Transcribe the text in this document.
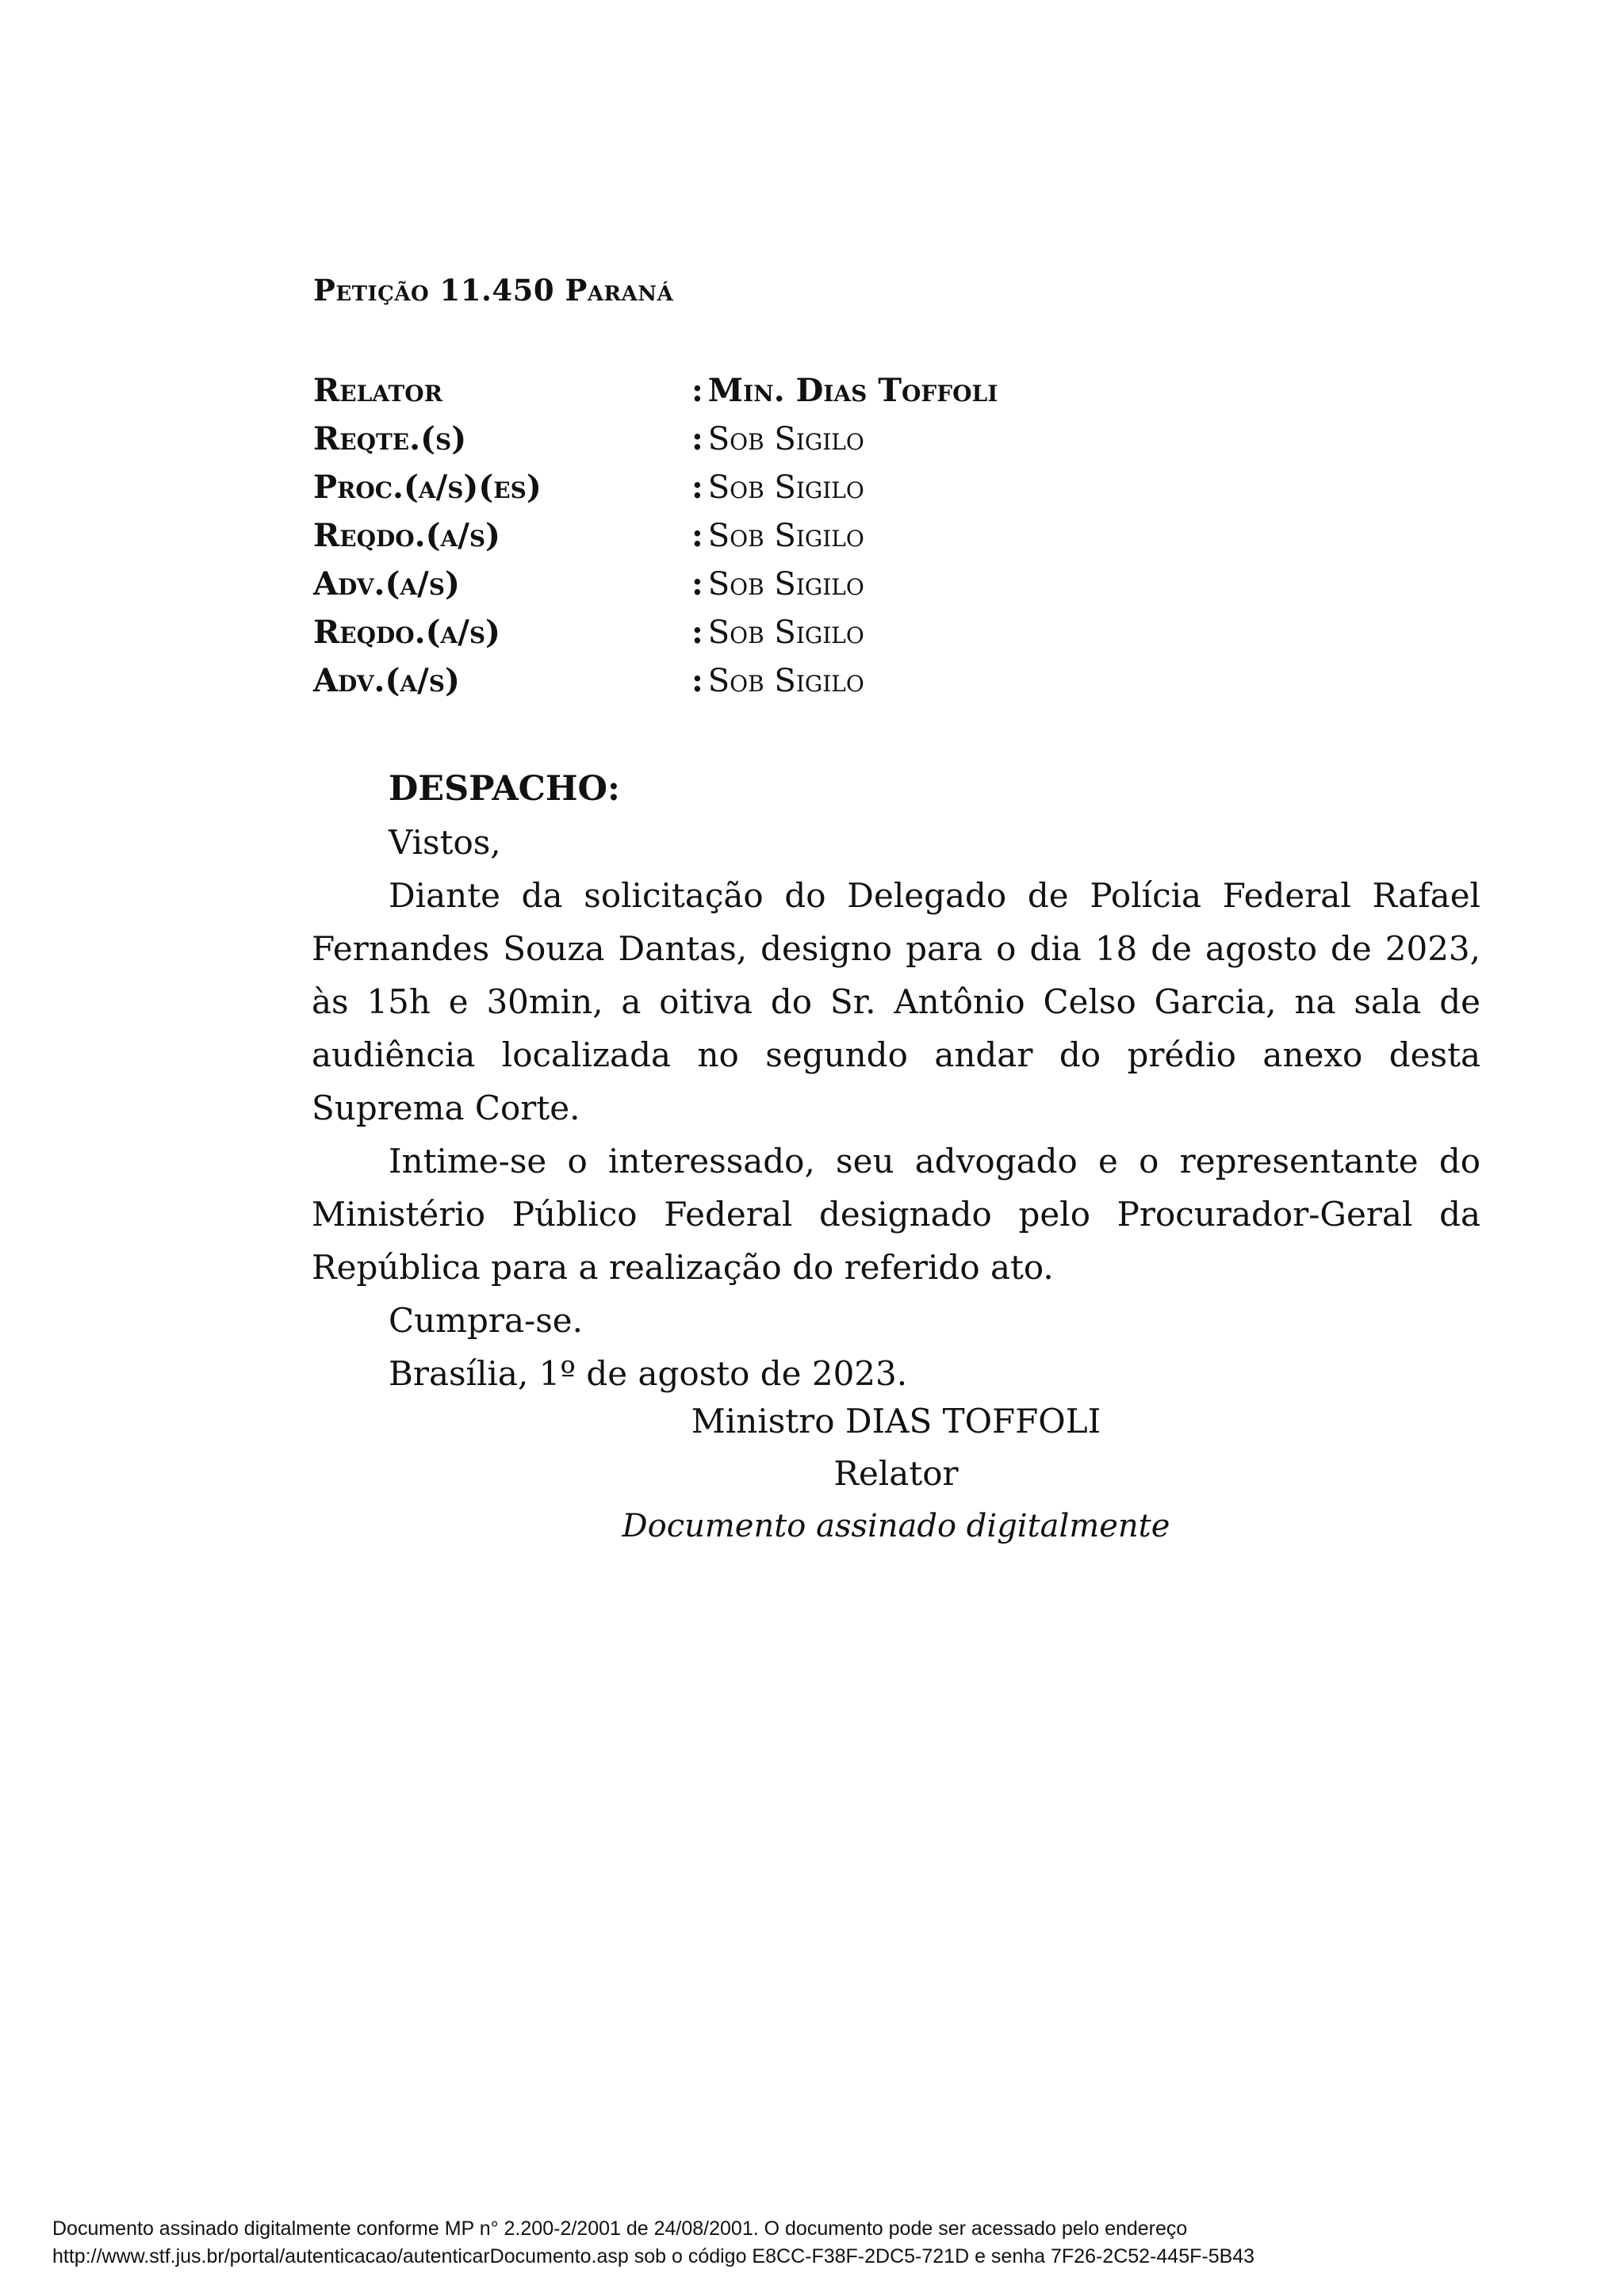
Petição 11.450 Paraná
Relator	: Min. Dias Toffoli
Reqte.(s)	: Sob Sigilo
Proc.(a/s)(es)	: Sob Sigilo
Reqdo.(a/s)	: Sob Sigilo
Adv.(a/s)	: Sob Sigilo
Reqdo.(a/s)	: Sob Sigilo
Adv.(a/s)	: Sob Sigilo
DESPACHO:

Vistos,

Diante da solicitação do Delegado de Polícia Federal Rafael Fernandes Souza Dantas, designo para o dia 18 de agosto de 2023, às 15h e 30min, a oitiva do Sr. Antônio Celso Garcia, na sala de audiência localizada no segundo andar do prédio anexo desta Suprema Corte.

Intime-se o interessado, seu advogado e o representante do Ministério Público Federal designado pelo Procurador-Geral da República para a realização do referido ato.

Cumpra-se.

Brasília, 1º de agosto de 2023.

Ministro DIAS TOFFOLI
Relator
Documento assinado digitalmente
Documento assinado digitalmente conforme MP n° 2.200-2/2001 de 24/08/2001. O documento pode ser acessado pelo endereço
http://www.stf.jus.br/portal/autenticacao/autenticarDocumento.asp sob o código E8CC-F38F-2DC5-721D e senha 7F26-2C52-445F-5B43
